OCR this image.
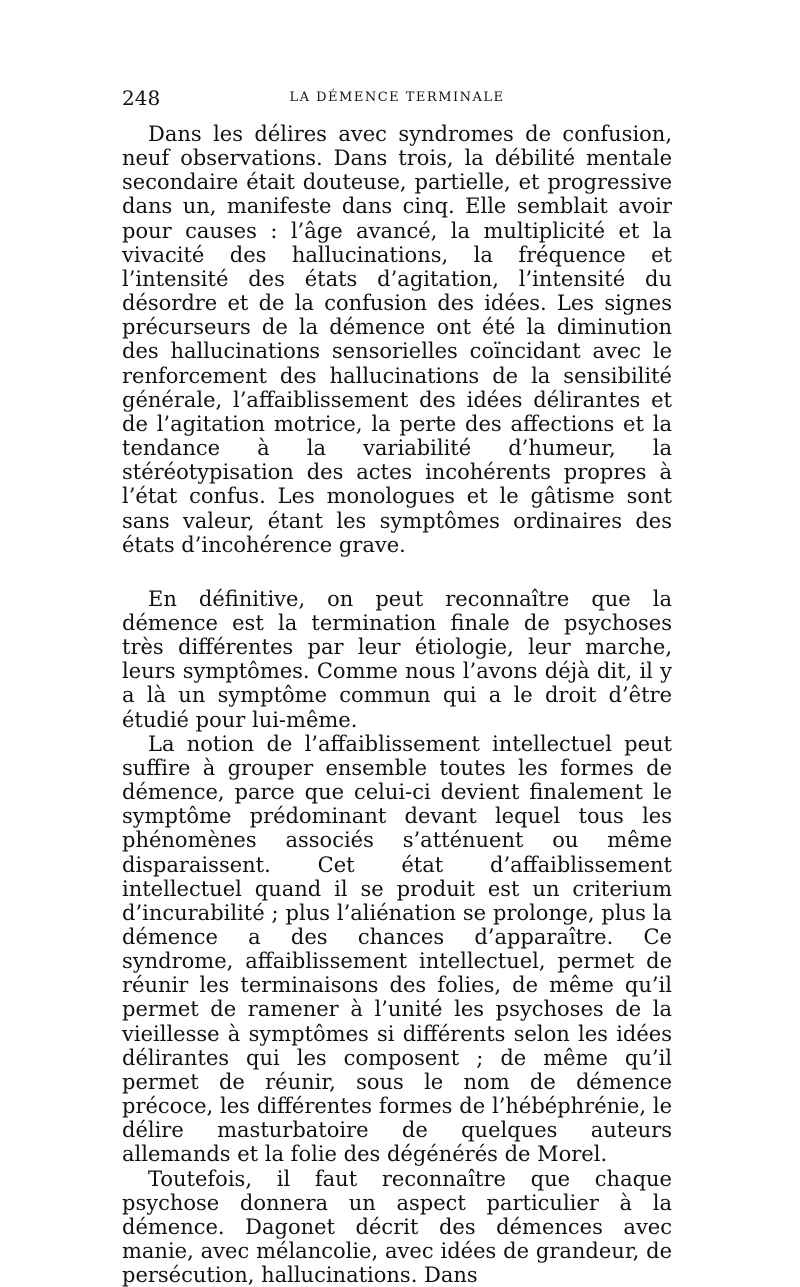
248	LA DÉMENCE TERMINALE

Dans les délires avec syndromes de confusion, neuf observations. Dans trois, la débilité mentale secondaire était douteuse, partielle, et progressive dans un, manifeste dans cinq. Elle semblait avoir pour causes : l’âge avancé, la multiplicité et la vivacité des hallucinations, la fréquence et l’intensité des états d’agitation, l’intensité du désordre et de la confusion des idées. Les signes précurseurs de la démence ont été la diminution des hallucinations sensorielles coïncidant avec le renforcement des hallucinations de la sensibilité générale, l’affaiblissement des idées délirantes et de l’agitation motrice, la perte des affections et la tendance à la variabilité d’humeur, la stéréotypisation des actes incohérents propres à l’état confus. Les monologues et le gâtisme sont sans valeur, étant les symptômes ordinaires des états d’incohérence grave.

En définitive, on peut reconnaître que la démence est la termination finale de psychoses très différentes par leur étiologie, leur marche, leurs symptômes. Comme nous l’avons déjà dit, il y a là un symptôme commun qui a le droit d’être étudié pour lui-même.

La notion de l’affaiblissement intellectuel peut suffire à grouper ensemble toutes les formes de démence, parce que celui-ci devient finalement le symptôme prédominant devant lequel tous les phénomènes associés s’atténuent ou même disparaissent. Cet état d’affaiblissement intellectuel quand il se produit est un criterium d’incurabilité ; plus l’aliénation se prolonge, plus la démence a des chances d’apparaître. Ce syndrome, affaiblissement intellectuel, permet de réunir les terminaisons des folies, de même qu’il permet de ramener à l’unité les psychoses de la vieillesse à symptômes si différents selon les idées délirantes qui les composent ; de même qu’il permet de réunir, sous le nom de démence précoce, les différentes formes de l’hébéphrénie, le délire masturbatoire de quelques auteurs allemands et la folie des dégénérés de Morel.

Toutefois, il faut reconnaître que chaque psychose donnera un aspect particulier à la démence. Dagonet décrit des démences avec manie, avec mélancolie, avec idées de grandeur, de persécution, hallucinations. Dans
